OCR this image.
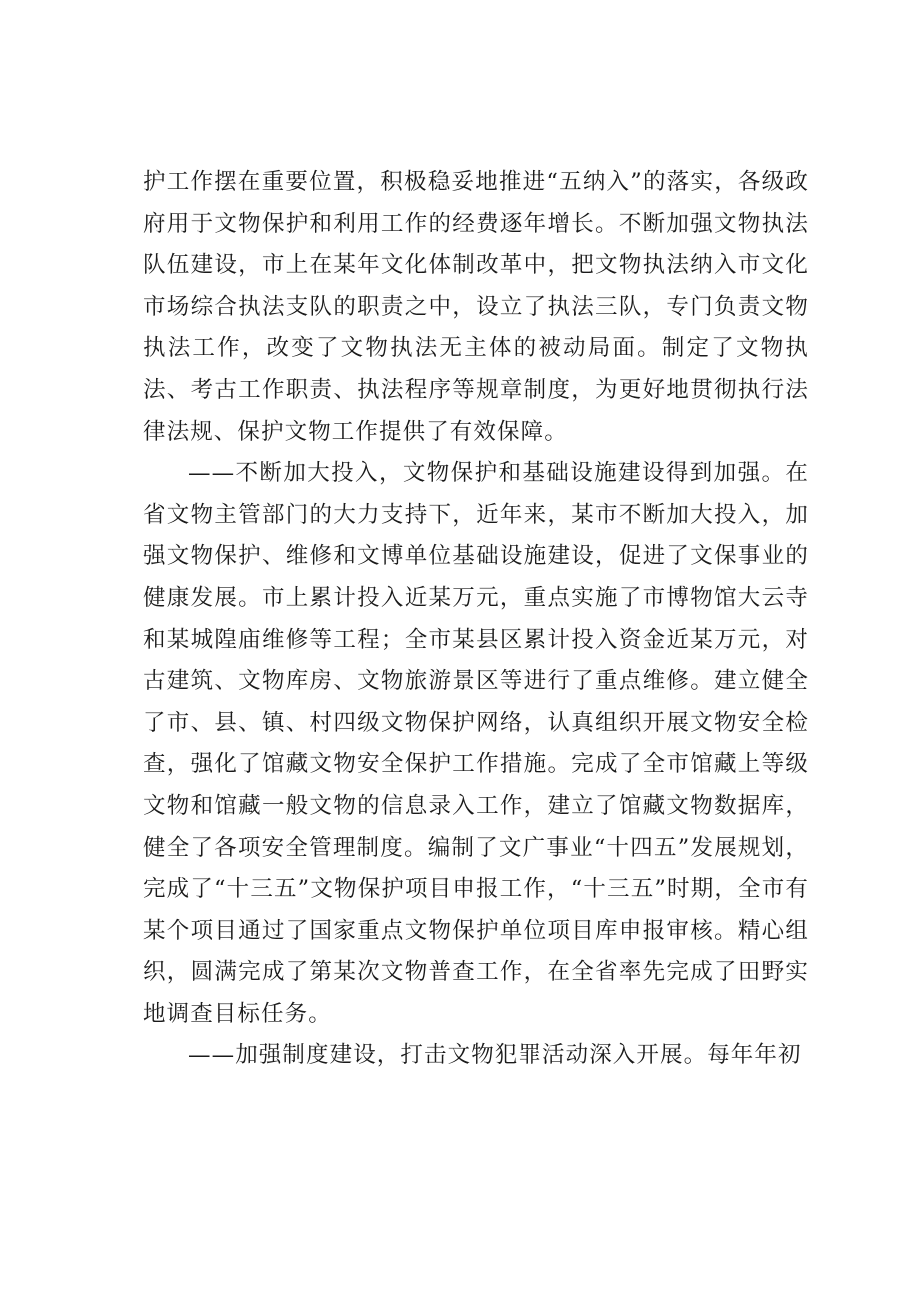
护工作摆在重要位置，积极稳妥地推进“五纳入”的落实，各级政府用于文物保护和利用工作的经费逐年增长。不断加强文物执法队伍建设，市上在某年文化体制改革中，把文物执法纳入市文化市场综合执法支队的职责之中，设立了执法三队，专门负责文物执法工作，改变了文物执法无主体的被动局面。制定了文物执法、考古工作职责、执法程序等规章制度，为更好地贯彻执行法律法规、保护文物工作提供了有效保障。

——不断加大投入，文物保护和基础设施建设得到加强。在省文物主管部门的大力支持下，近年来，某市不断加大投入，加强文物保护、维修和文博单位基础设施建设，促进了文保事业的健康发展。市上累计投入近某万元，重点实施了市博物馆大云寺和某城隍庙维修等工程；全市某县区累计投入资金近某万元，对古建筑、文物库房、文物旅游景区等进行了重点维修。建立健全了市、县、镇、村四级文物保护网络，认真组织开展文物安全检查，强化了馆藏文物安全保护工作措施。完成了全市馆藏上等级文物和馆藏一般文物的信息录入工作，建立了馆藏文物数据库，健全了各项安全管理制度。编制了文广事业“十四五”发展规划，完成了“十三五”文物保护项目申报工作，“十三五”时期，全市有某个项目通过了国家重点文物保护单位项目库申报审核。精心组织，圆满完成了第某次文物普查工作，在全省率先完成了田野实地调查目标任务。

——加强制度建设，打击文物犯罪活动深入开展。每年年初
